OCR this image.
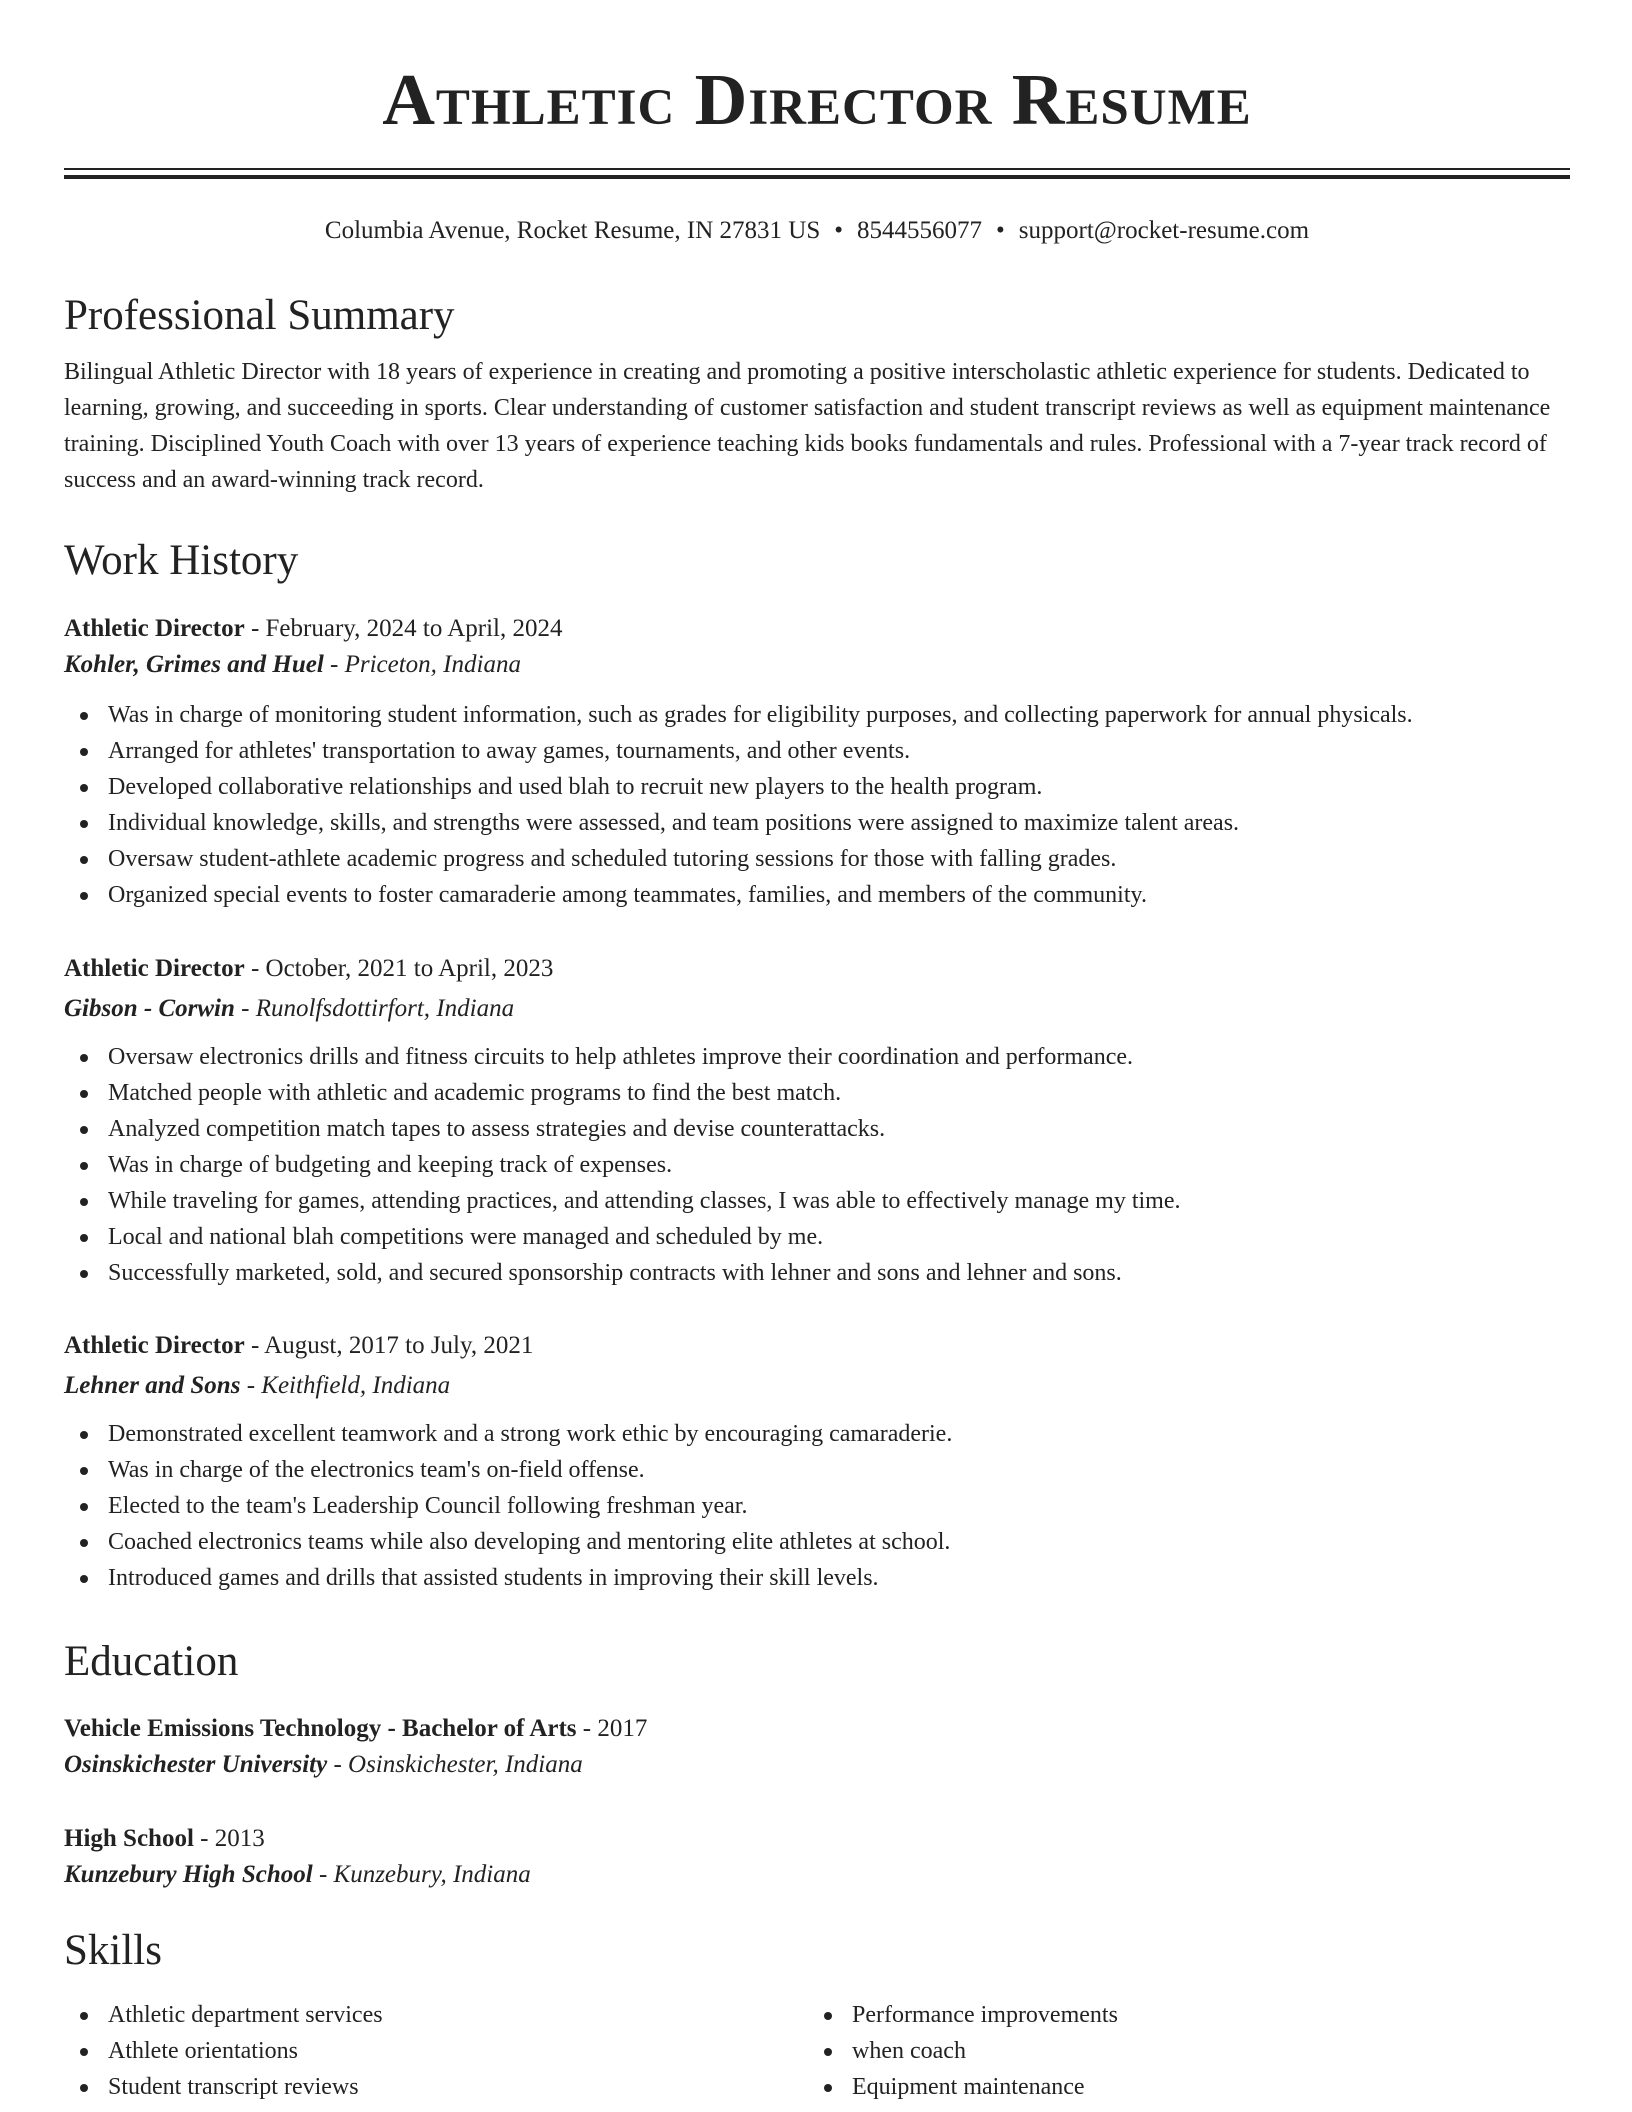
Athletic Director Resume
Columbia Avenue, Rocket Resume, IN 27831 US • 8544556077 • support@rocket-resume.com
Professional Summary

Bilingual Athletic Director with 18 years of experience in creating and promoting a positive interscholastic athletic experience for students. Dedicated to learning, growing, and succeeding in sports. Clear understanding of customer satisfaction and student transcript reviews as well as equipment maintenance training. Disciplined Youth Coach with over 13 years of experience teaching kids books fundamentals and rules. Professional with a 7-year track record of success and an award-winning track record.

Work History
Athletic Director - February, 2024 to April, 2024
Kohler, Grimes and Huel - Priceton, Indiana
Was in charge of monitoring student information, such as grades for eligibility purposes, and collecting paperwork for annual physicals.
Arranged for athletes' transportation to away games, tournaments, and other events.
Developed collaborative relationships and used blah to recruit new players to the health program.
Individual knowledge, skills, and strengths were assessed, and team positions were assigned to maximize talent areas.
Oversaw student-athlete academic progress and scheduled tutoring sessions for those with falling grades.
Organized special events to foster camaraderie among teammates, families, and members of the community.
Athletic Director - October, 2021 to April, 2023
Gibson - Corwin - Runolfsdottirfort, Indiana
Oversaw electronics drills and fitness circuits to help athletes improve their coordination and performance.
Matched people with athletic and academic programs to find the best match.
Analyzed competition match tapes to assess strategies and devise counterattacks.
Was in charge of budgeting and keeping track of expenses.
While traveling for games, attending practices, and attending classes, I was able to effectively manage my time.
Local and national blah competitions were managed and scheduled by me.
Successfully marketed, sold, and secured sponsorship contracts with lehner and sons and lehner and sons.
Athletic Director - August, 2017 to July, 2021
Lehner and Sons - Keithfield, Indiana
Demonstrated excellent teamwork and a strong work ethic by encouraging camaraderie.
Was in charge of the electronics team's on-field offense.
Elected to the team's Leadership Council following freshman year.
Coached electronics teams while also developing and mentoring elite athletes at school.
Introduced games and drills that assisted students in improving their skill levels.
Education
Vehicle Emissions Technology - Bachelor of Arts - 2017
Osinskichester University - Osinskichester, Indiana
High School - 2013
Kunzebury High School - Kunzebury, Indiana
Skills
Athletic department services
Athlete orientations
Student transcript reviews
Performance improvements
when coach
Equipment maintenance
